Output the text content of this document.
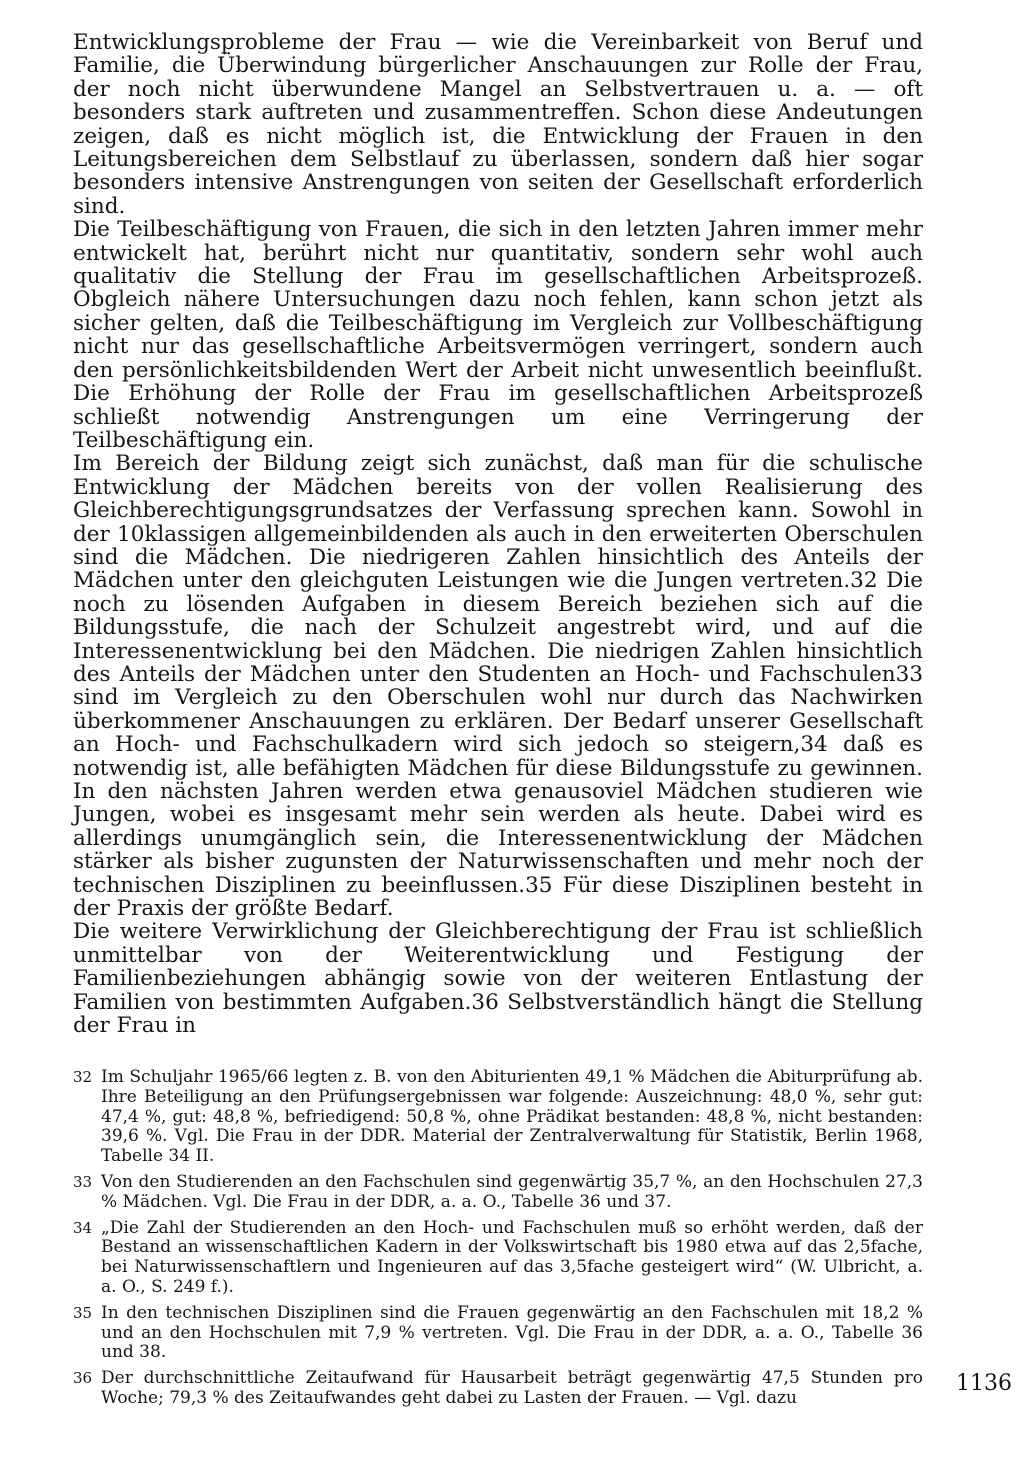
Entwicklungsprobleme der Frau — wie die Vereinbarkeit von Beruf und Familie, die Überwindung bürgerlicher Anschauungen zur Rolle der Frau, der noch nicht überwundene Mangel an Selbstvertrauen u. a. — oft besonders stark auftreten und zusammentreffen. Schon diese Andeutungen zeigen, daß es nicht möglich ist, die Entwicklung der Frauen in den Leitungsbereichen dem Selbstlauf zu überlassen, sondern daß hier sogar besonders intensive Anstrengungen von seiten der Gesellschaft erforderlich sind.

Die Teilbeschäftigung von Frauen, die sich in den letzten Jahren immer mehr entwickelt hat, berührt nicht nur quantitativ, sondern sehr wohl auch qualitativ die Stellung der Frau im gesellschaftlichen Arbeitsprozeß. Obgleich nähere Untersuchungen dazu noch fehlen, kann schon jetzt als sicher gelten, daß die Teilbeschäftigung im Vergleich zur Vollbeschäftigung nicht nur das gesellschaftliche Arbeitsvermögen verringert, sondern auch den persönlichkeitsbildenden Wert der Arbeit nicht unwesentlich beeinflußt. Die Erhöhung der Rolle der Frau im gesellschaftlichen Arbeitsprozeß schließt notwendig Anstrengungen um eine Verringerung der Teilbeschäftigung ein.

Im Bereich der Bildung zeigt sich zunächst, daß man für die schulische Entwicklung der Mädchen bereits von der vollen Realisierung des Gleichberechtigungsgrundsatzes der Verfassung sprechen kann. Sowohl in der 10klassigen allgemeinbildenden als auch in den erweiterten Oberschulen sind die Mädchen. Die niedrigeren Zahlen hinsichtlich des Anteils der Mädchen unter den gleichguten Leistungen wie die Jungen vertreten.32 Die noch zu lösenden Aufgaben in diesem Bereich beziehen sich auf die Bildungsstufe, die nach der Schulzeit angestrebt wird, und auf die Interessenentwicklung bei den Mädchen. Die niedrigen Zahlen hinsichtlich des Anteils der Mädchen unter den Studenten an Hoch- und Fachschulen33 sind im Vergleich zu den Oberschulen wohl nur durch das Nachwirken überkommener Anschauungen zu erklären. Der Bedarf unserer Gesellschaft an Hoch- und Fachschulkadern wird sich jedoch so steigern,34 daß es notwendig ist, alle befähigten Mädchen für diese Bildungsstufe zu gewinnen. In den nächsten Jahren werden etwa genausoviel Mädchen studieren wie Jungen, wobei es insgesamt mehr sein werden als heute. Dabei wird es allerdings unumgänglich sein, die Interessenentwicklung der Mädchen stärker als bisher zugunsten der Naturwissenschaften und mehr noch der technischen Disziplinen zu beeinflussen.35 Für diese Disziplinen besteht in der Praxis der größte Bedarf.

Die weitere Verwirklichung der Gleichberechtigung der Frau ist schließlich unmittelbar von der Weiterentwicklung und Festigung der Familienbeziehungen abhängig sowie von der weiteren Entlastung der Familien von bestimmten Aufgaben.36 Selbstverständlich hängt die Stellung der Frau in

32 Im Schuljahr 1965/66 legten z. B. von den Abiturienten 49,1 % Mädchen die Abiturprüfung ab. Ihre Beteiligung an den Prüfungsergebnissen war folgende: Auszeichnung: 48,0 %, sehr gut: 47,4 %, gut: 48,8 %, befriedigend: 50,8 %, ohne Prädikat bestanden: 48,8 %, nicht bestanden: 39,6 %. Vgl. Die Frau in der DDR. Material der Zentralverwaltung für Statistik, Berlin 1968, Tabelle 34 II.
33 Von den Studierenden an den Fachschulen sind gegenwärtig 35,7 %, an den Hochschulen 27,3 % Mädchen. Vgl. Die Frau in der DDR, a. a. O., Tabelle 36 und 37.
34 „Die Zahl der Studierenden an den Hoch- und Fachschulen muß so erhöht werden, daß der Bestand an wissenschaftlichen Kadern in der Volkswirtschaft bis 1980 etwa auf das 2,5fache, bei Naturwissenschaftlern und Ingenieuren auf das 3,5fache gesteigert wird“ (W. Ulbricht, a. a. O., S. 249 f.).
35 In den technischen Disziplinen sind die Frauen gegenwärtig an den Fachschulen mit 18,2 % und an den Hochschulen mit 7,9 % vertreten. Vgl. Die Frau in der DDR, a. a. O., Tabelle 36 und 38.
36 Der durchschnittliche Zeitaufwand für Hausarbeit beträgt gegenwärtig 47,5 Stunden pro Woche; 79,3 % des Zeitaufwandes geht dabei zu Lasten der Frauen. — Vgl. dazu
1136
